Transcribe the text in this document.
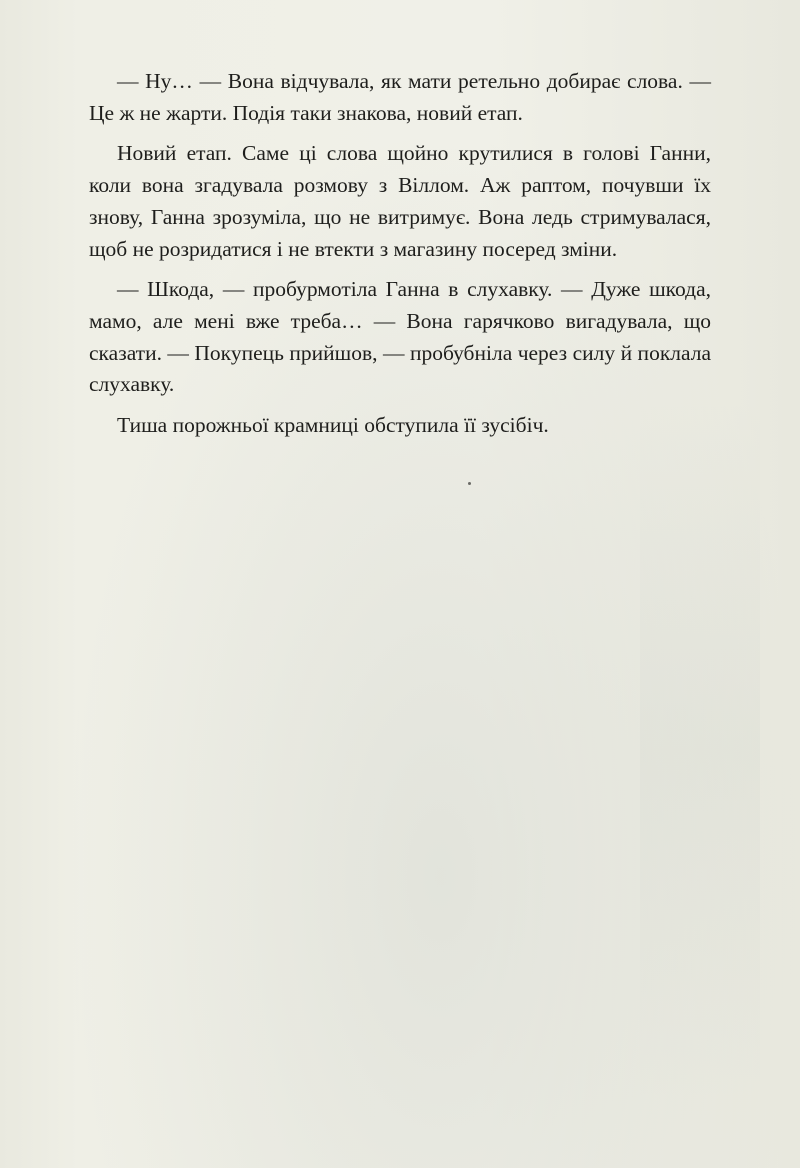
— Ну… — Вона відчувала, як мати ретельно добирає слова. — Це ж не жарти. Подія таки знакова, новий етап.

Новий етап. Саме ці слова щойно крутилися в голові Ганни, коли вона згадувала розмову з Віллом. Аж раптом, почувши їх знову, Ганна зрозуміла, що не витримує. Вона ледь стримувалася, щоб не розридатися і не втекти з магазину посеред зміни.

— Шкода, — пробурмотіла Ганна в слухавку. — Дуже шкода, мамо, але мені вже треба… — Вона гарячково вигадувала, що сказати. — Покупець прийшов, — пробубніла через силу й поклала слухавку.

Тиша порожньої крамниці обступила її зусібіч.
